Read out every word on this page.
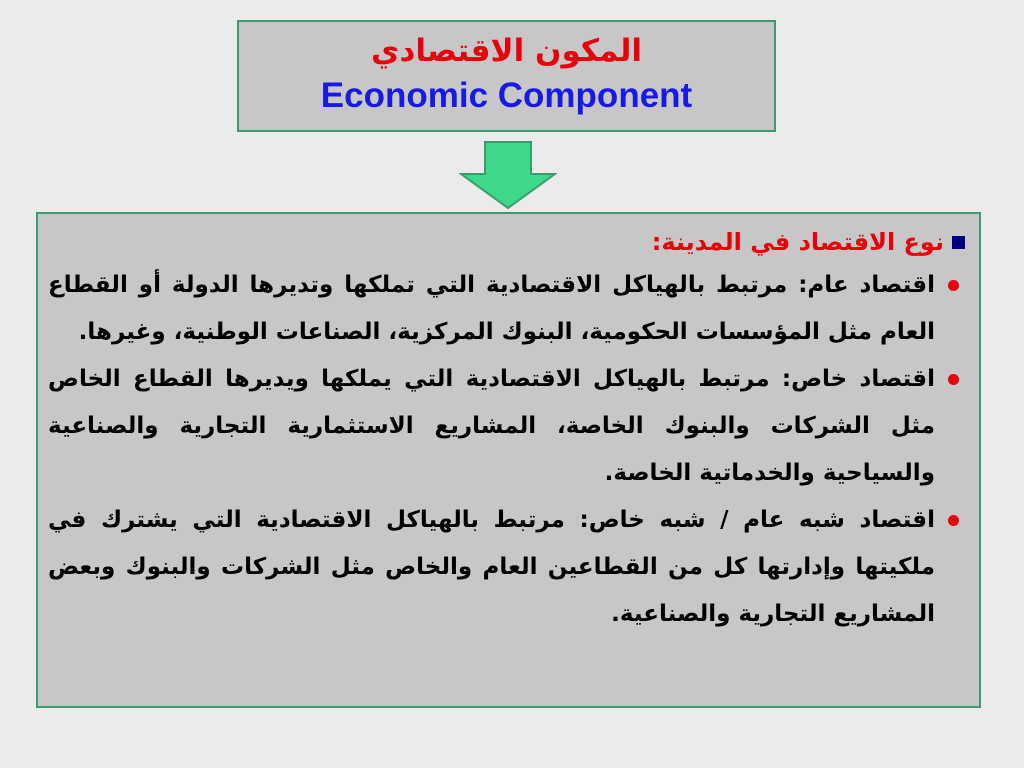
المكون الاقتصادي
Economic Component
نوع الاقتصاد في المدينة:
اقتصاد عام: مرتبط بالهياكل الاقتصادية التي تملكها وتديرها الدولة أو القطاع العام مثل المؤسسات الحكومية، البنوك المركزية، الصناعات الوطنية، وغيرها.
اقتصاد خاص: مرتبط بالهياكل الاقتصادية التي يملكها ويديرها القطاع الخاص مثل الشركات والبنوك الخاصة، المشاريع الاستثمارية التجارية والصناعية والسياحية والخدماتية الخاصة.
اقتصاد شبه عام / شبه خاص: مرتبط بالهياكل الاقتصادية التي يشترك في ملكيتها وإدارتها كل من القطاعين العام والخاص مثل الشركات والبنوك وبعض المشاريع التجارية والصناعية.
